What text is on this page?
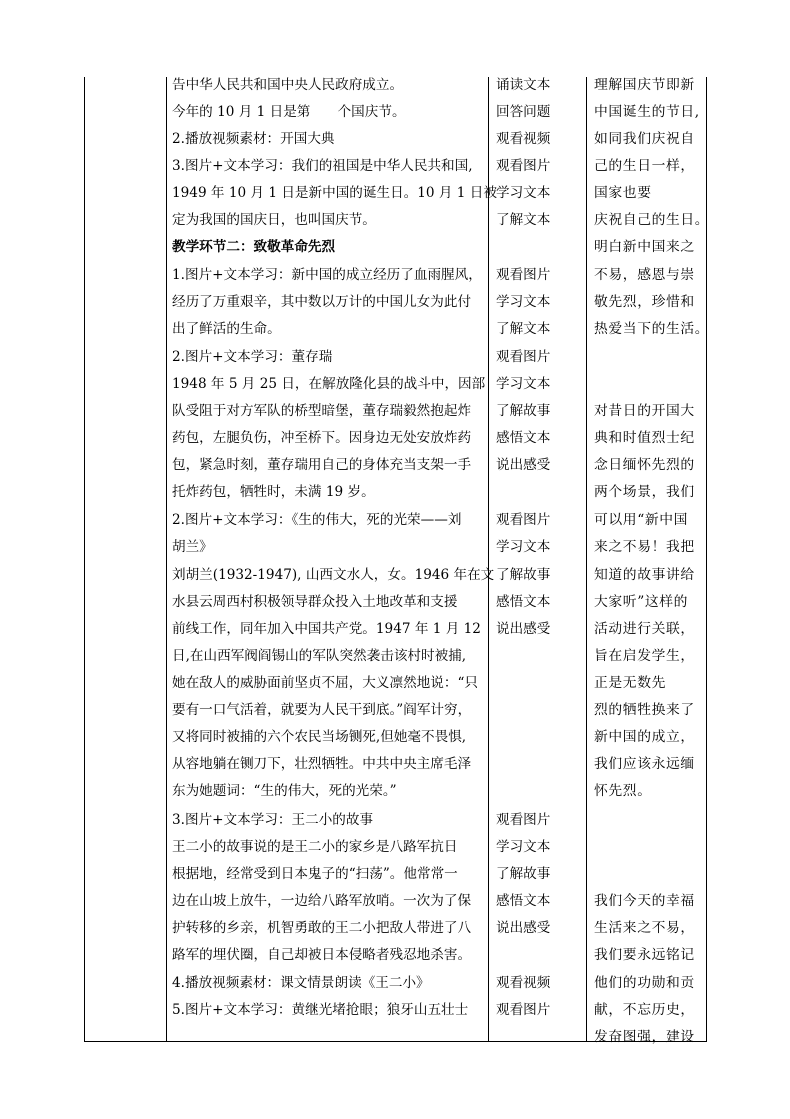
告中华人民共和国中央人民政府成立。
今年的 10 月 1 日是第　　个国庆节。
2.播放视频素材：开国大典
3.图片+文本学习：我们的祖国是中华人民共和国,
1949 年 10 月 1 日是新中国的诞生日。10 月 1 日被
定为我国的国庆日，也叫国庆节。
教学环节二：致敬革命先烈
1.图片+文本学习：新中国的成立经历了血雨腥风，
经历了万重艰辛，其中数以万计的中国儿女为此付
出了鲜活的生命。
2.图片+文本学习：董存瑞
1948 年 5 月 25 日，在解放隆化县的战斗中，因部
队受阻于对方军队的桥型暗堡，董存瑞毅然抱起炸
药包，左腿负伤，冲至桥下。因身边无处安放炸药
包，紧急时刻，董存瑞用自己的身体充当支架一手
托炸药包，牺牲时，未满 19 岁。
2.图片+文本学习：《生的伟大，死的光荣——刘
胡兰》
刘胡兰(1932-1947), 山西文水人，女。1946 年在文
水县云周西村积极领导群众投入土地改革和支援
前线工作，同年加入中国共产党。1947 年 1 月 12
日,在山西军阀阎锡山的军队突然袭击该村时被捕,
她在敌人的威胁面前坚贞不屈，大义凛然地说：“只
要有一口气活着，就要为人民干到底。”阎军计穷，
又将同时被捕的六个农民当场铡死,但她毫不畏惧,
从容地躺在铡刀下，壮烈牺牲。中共中央主席毛泽
东为她题词：“生的伟大，死的光荣。”
3.图片+文本学习：王二小的故事
王二小的故事说的是王二小的家乡是八路军抗日
根据地，经常受到日本鬼子的“扫荡”。他常常一
边在山坡上放牛，一边给八路军放哨。一次为了保
护转移的乡亲，机智勇敢的王二小把敌人带进了八
路军的埋伏圈，自己却被日本侵略者残忍地杀害。
4.播放视频素材：课文情景朗读《王二小》
5.图片+文本学习：黄继光堵抢眼；狼牙山五壮士
诵读文本
回答问题
观看视频
观看图片
学习文本
了解文本
观看图片
学习文本
了解文本
观看图片
学习文本
了解故事
感悟文本
说出感受
观看图片
学习文本
了解故事
感悟文本
说出感受
观看图片
学习文本
了解故事
感悟文本
说出感受
观看视频
观看图片
理解国庆节即新
中国诞生的节日,
如同我们庆祝自
己的生日一样，
国家也要
庆祝自己的生日。
明白新中国来之
不易，感恩与崇
敬先烈，珍惜和
热爱当下的生活。
对昔日的开国大
典和时值烈士纪
念日缅怀先烈的
两个场景，我们
可以用“新中国
来之不易！我把
知道的故事讲给
大家听”这样的
活动进行关联，
旨在启发学生，
正是无数先
烈的牺牲换来了
新中国的成立，
我们应该永远缅
怀先烈。
我们今天的幸福
生活来之不易，
我们要永远铭记
他们的功勋和贡
献，不忘历史，
发奋图强，建设
